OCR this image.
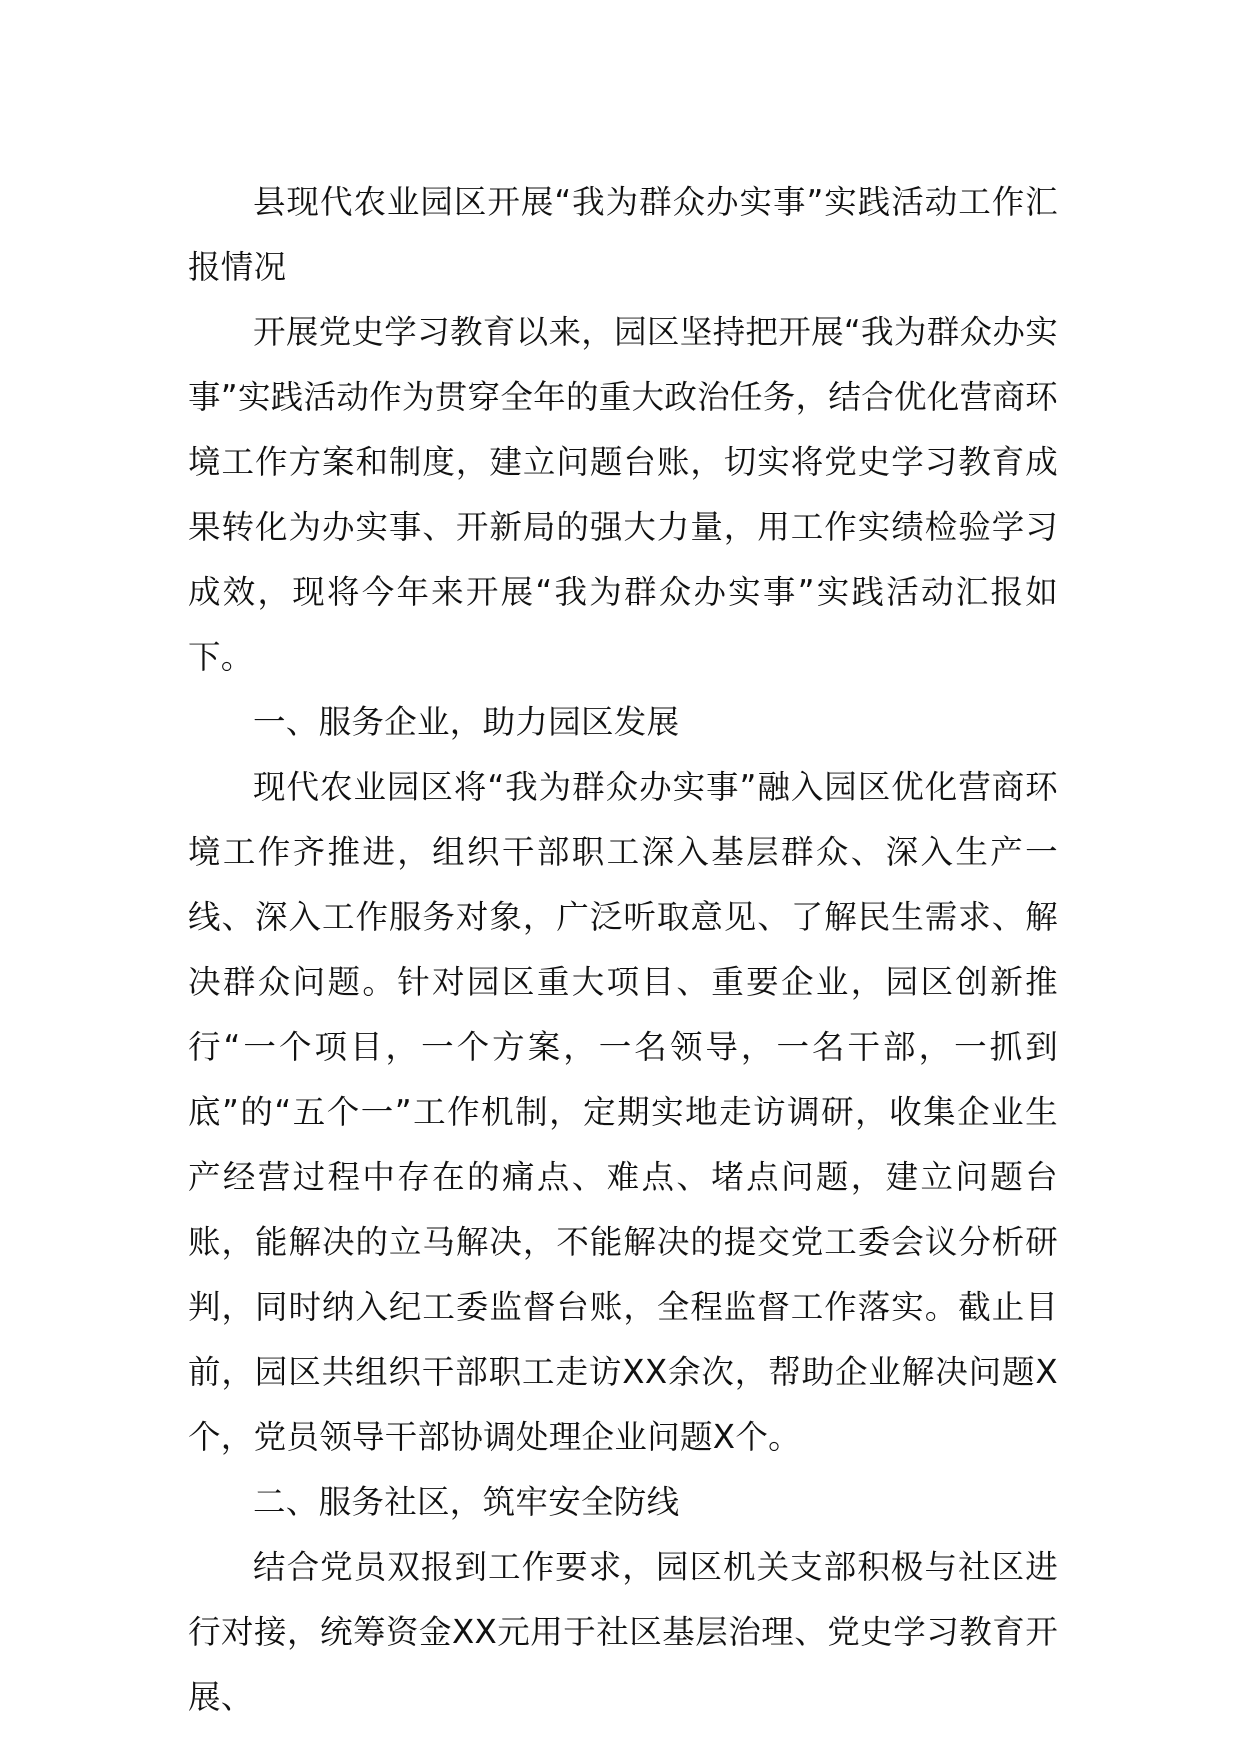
县现代农业园区开展“我为群众办实事”实践活动工作汇报情况

开展党史学习教育以来，园区坚持把开展“我为群众办实事”实践活动作为贯穿全年的重大政治任务，结合优化营商环境工作方案和制度，建立问题台账，切实将党史学习教育成果转化为办实事、开新局的强大力量，用工作实绩检验学习成效，现将今年来开展“我为群众办实事”实践活动汇报如下。

一、服务企业，助力园区发展

现代农业园区将“我为群众办实事”融入园区优化营商环境工作齐推进，组织干部职工深入基层群众、深入生产一线、深入工作服务对象，广泛听取意见、了解民生需求、解决群众问题。针对园区重大项目、重要企业，园区创新推行“一个项目，一个方案，一名领导，一名干部，一抓到底”的“五个一”工作机制，定期实地走访调研，收集企业生产经营过程中存在的痛点、难点、堵点问题，建立问题台账，能解决的立马解决，不能解决的提交党工委会议分析研判，同时纳入纪工委监督台账，全程监督工作落实。截止目前，园区共组织干部职工走访XX余次，帮助企业解决问题X个，党员领导干部协调处理企业问题X个。

二、服务社区，筑牢安全防线

结合党员双报到工作要求，园区机关支部积极与社区进行对接，统筹资金XX元用于社区基层治理、党史学习教育开展、
